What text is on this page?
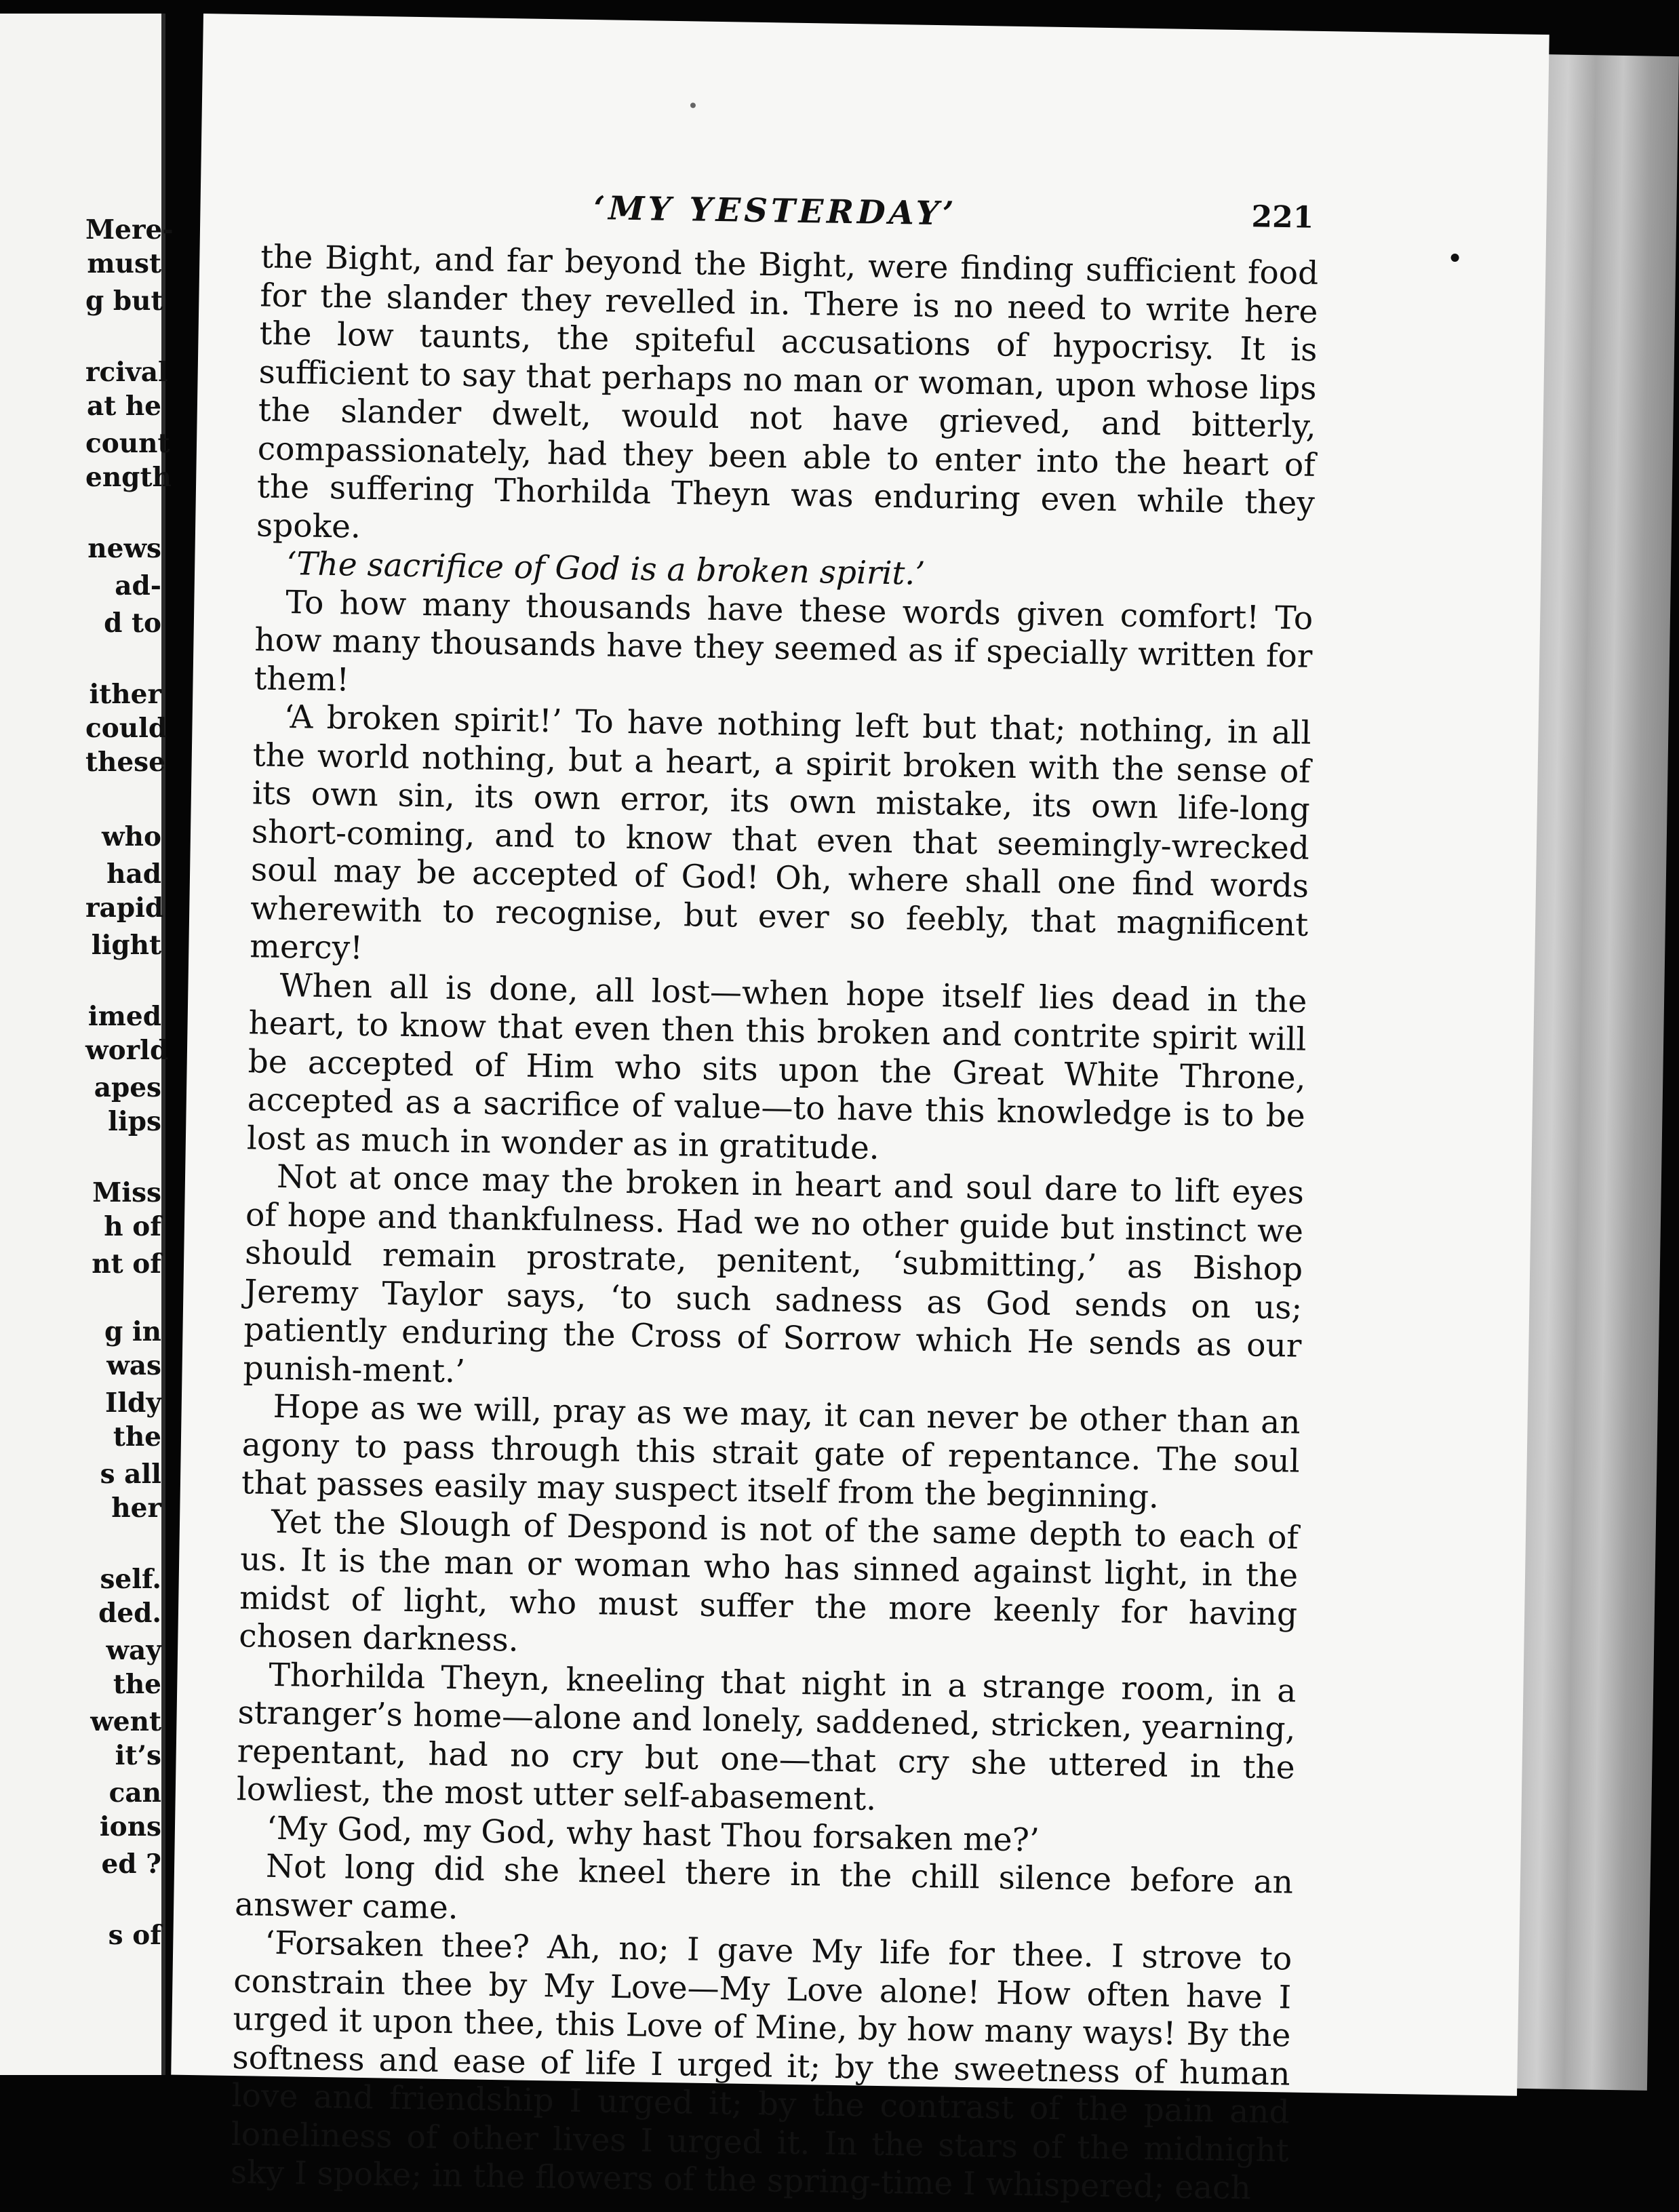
Mere-
must
g but
rcival
at he
count
ength
news
ad-
d to
ither
could
these
who
had
rapid
light
imed
world
apes
lips
Miss
h of
nt of
g in
was
Ildy
the
s all
her
self.
ded.
way
the
went
it’s
can
ions
ed ?
s of
‘MY YESTERDAY’	221

the Bight, and far beyond the Bight, were finding sufficient food for the slander they revelled in. There is no need to write here the low taunts, the spiteful accusations of hypocrisy. It is sufficient to say that perhaps no man or woman, upon whose lips the slander dwelt, would not have grieved, and bitterly, compassionately, had they been able to enter into the heart of the suffering Thorhilda Theyn was enduring even while they spoke.

‘The sacrifice of God is a broken spirit.’

To how many thousands have these words given comfort! To how many thousands have they seemed as if specially written for them!

‘A broken spirit!’ To have nothing left but that; nothing, in all the world nothing, but a heart, a spirit broken with the sense of its own sin, its own error, its own mistake, its own life-long short-coming, and to know that even that seemingly-wrecked soul may be accepted of God! Oh, where shall one find words wherewith to recognise, but ever so feebly, that magnificent mercy!

When all is done, all lost—when hope itself lies dead in the heart, to know that even then this broken and contrite spirit will be accepted of Him who sits upon the Great White Throne, accepted as a sacrifice of value—to have this knowledge is to be lost as much in wonder as in gratitude.

Not at once may the broken in heart and soul dare to lift eyes of hope and thankfulness. Had we no other guide but instinct we should remain prostrate, penitent, ‘submitting,’ as Bishop Jeremy Taylor says, ‘to such sadness as God sends on us; patiently enduring the Cross of Sorrow which He sends as our punish-ment.’

Hope as we will, pray as we may, it can never be other than an agony to pass through this strait gate of repentance. The soul that passes easily may suspect itself from the beginning.

Yet the Slough of Despond is not of the same depth to each of us. It is the man or woman who has sinned against light, in the midst of light, who must suffer the more keenly for having chosen darkness.

Thorhilda Theyn, kneeling that night in a strange room, in a stranger’s home—alone and lonely, saddened, stricken, yearning, repentant, had no cry but one—that cry she uttered in the lowliest, the most utter self-abasement.

‘My God, my God, why hast Thou forsaken me?’

Not long did she kneel there in the chill silence before an answer came.

‘Forsaken thee? Ah, no; I gave My life for thee. I strove to constrain thee by My Love—My Love alone! How often have I urged it upon thee, this Love of Mine, by how many ways! By the softness and ease of life I urged it; by the sweetness of human love and friendship I urged it; by the contrast of the pain and loneliness of other lives I urged it. In the stars of the midnight sky I spoke; in the flowers of the spring-time I whispered; each
